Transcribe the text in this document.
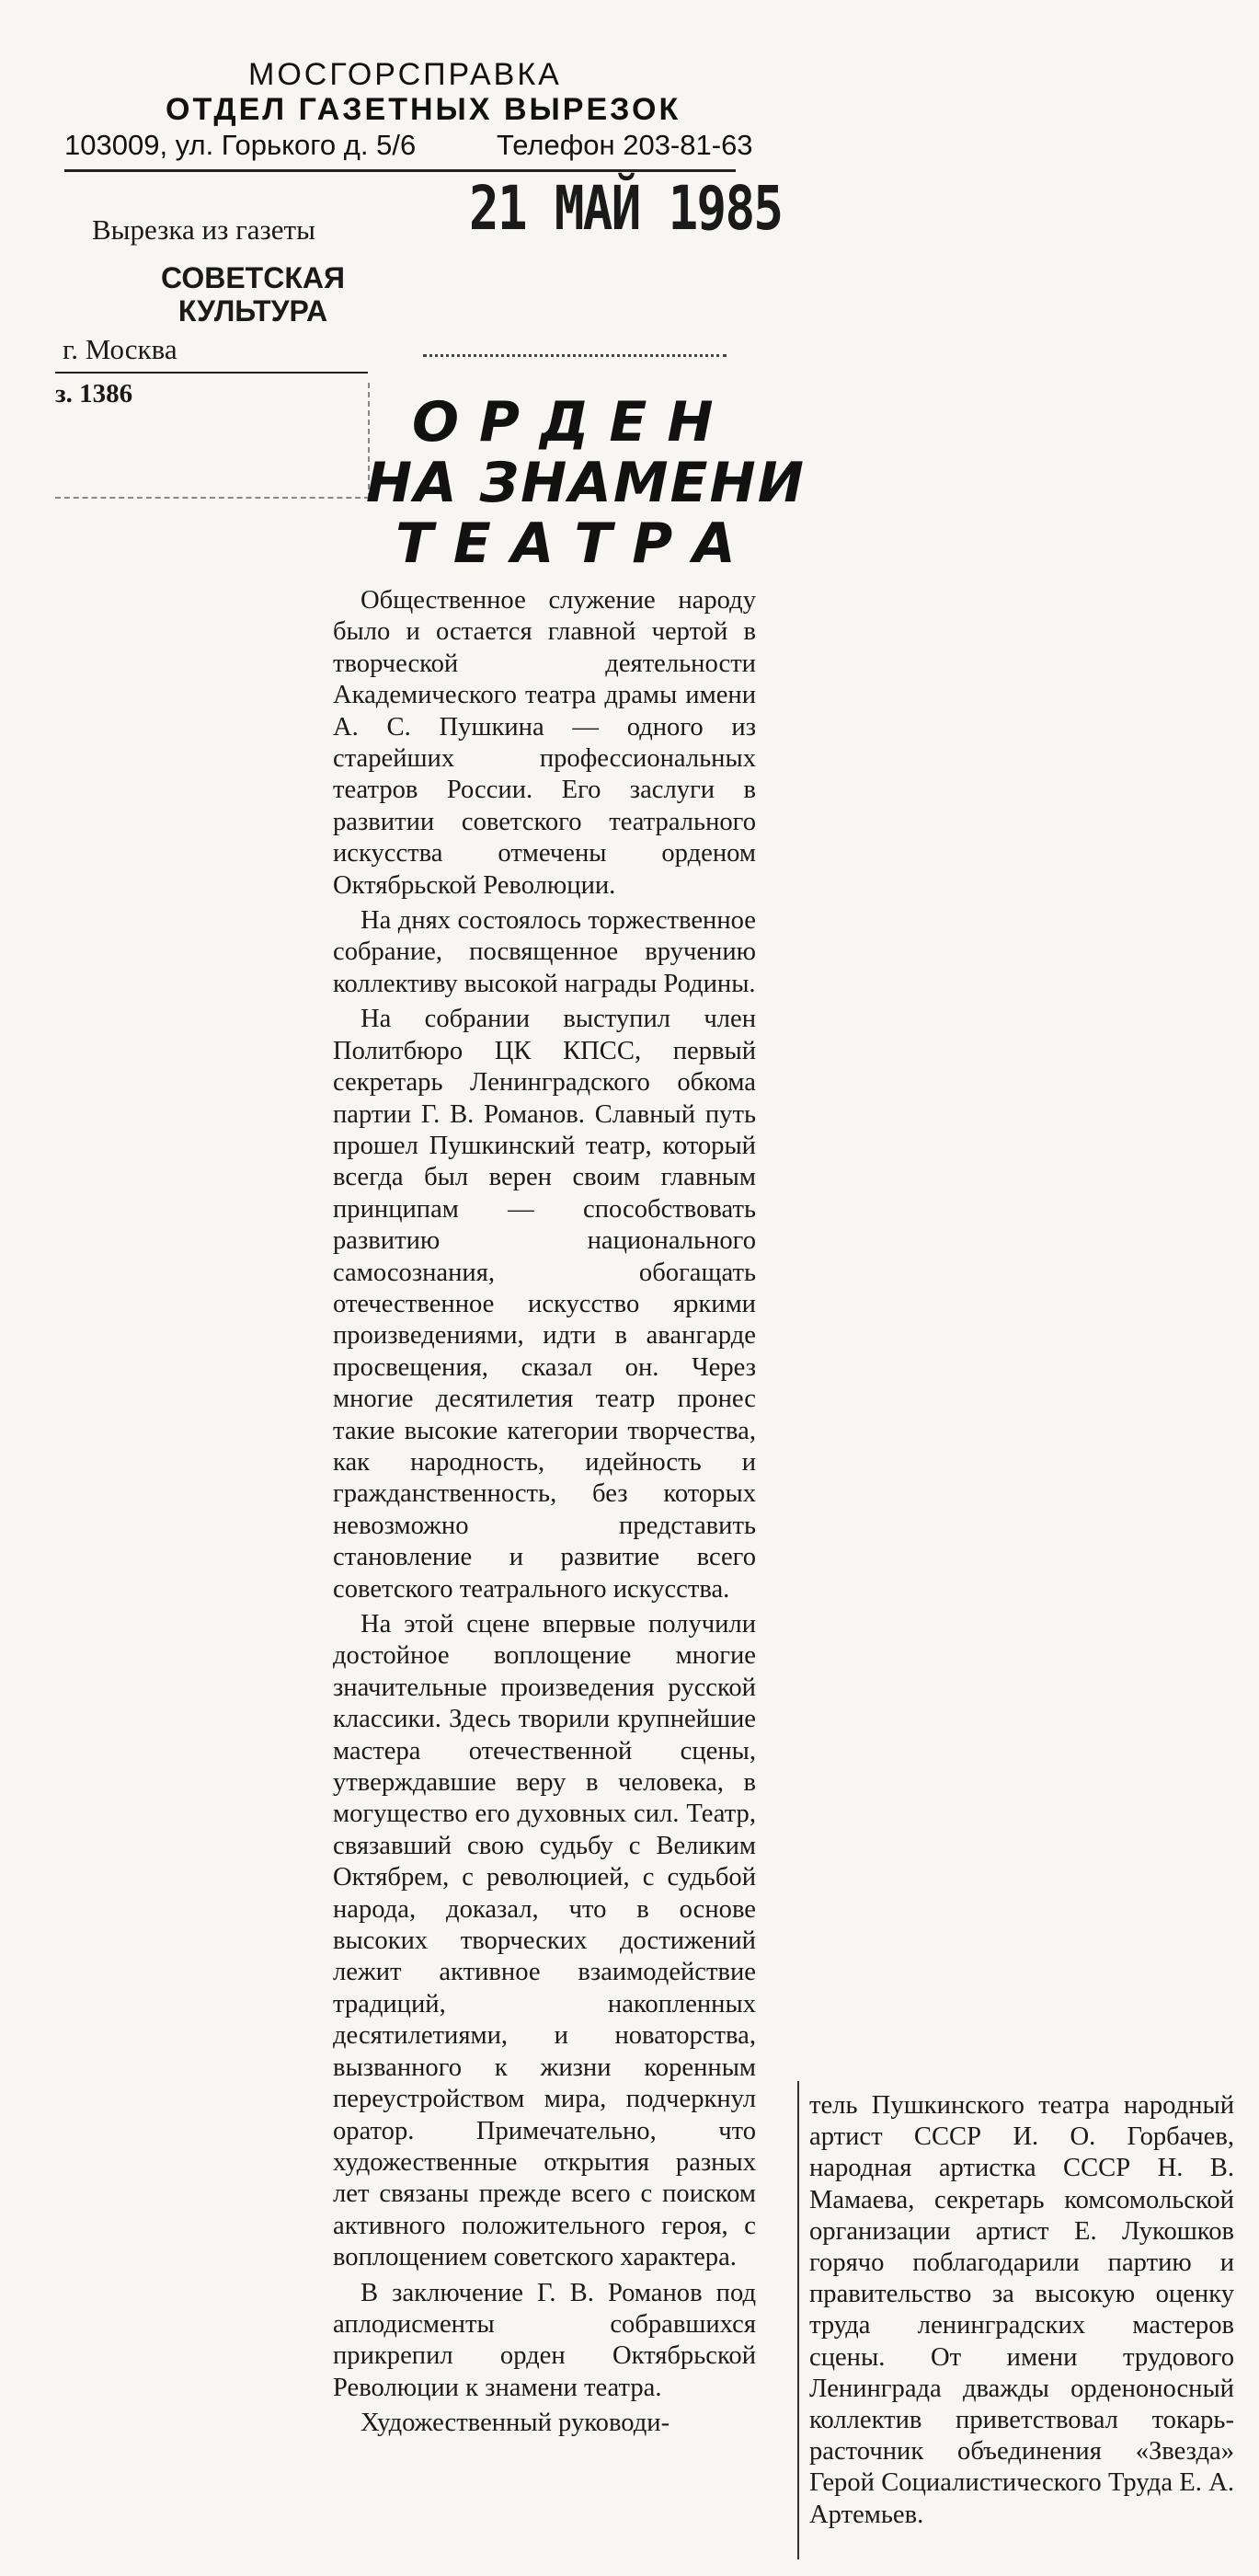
МОСГОРСПРАВКА
ОТДЕЛ ГАЗЕТНЫХ ВЫРЕЗОК
103009, ул. Горького д. 5/6	Телефон 203-81-63
21 МАЙ 1985
Вырезка из газеты
СОВЕТСКАЯ
КУЛЬТУРА
г. Москва
з. 1386	ОРДЕН
НА ЗНАМЕНИ
ТЕАТРА

Общественное служение народу было и остается главной чертой в творческой деятельности Академического театра драмы имени А. С. Пушкина — одного из старейших профессиональных театров России. Его заслуги в развитии советского театрального искусства отмечены орденом Октябрьской Революции.

На днях состоялось торжественное собрание, посвященное вручению коллективу высокой награды Родины.

На собрании выступил член Политбюро ЦК КПСС, первый секретарь Ленинградского обкома партии Г. В. Романов. Славный путь прошел Пушкинский театр, который всегда был верен своим главным принципам — способствовать развитию национального самосознания, обогащать отечественное искусство яркими произведениями, идти в авангарде просвещения, сказал он. Через многие десятилетия театр пронес такие высокие категории творчества, как народность, идейность и гражданственность, без которых невозможно представить становление и развитие всего советского театрального искусства.

На этой сцене впервые получили достойное воплощение многие значительные произведения русской классики. Здесь творили крупнейшие мастера отечественной сцены, утверждавшие веру в человека, в могущество его духовных сил. Театр, связавший свою судьбу с Великим Октябрем, с революцией, с судьбой народа, доказал, что в основе высоких творческих достижений лежит активное взаимодействие традиций, накопленных десятилетиями, и новаторства, вызванного к жизни коренным переустройством мира, подчеркнул оратор. Примечательно, что художественные открытия разных лет связаны прежде всего с поиском активного положительного героя, с воплощением советского характера.

В заключение Г. В. Романов под аплодисменты собравшихся прикрепил орден Октябрьской Революции к знамени театра.

Художественный руководи-

тель Пушкинского театра народный артист СССР И. О. Горбачев, народная артистка СССР Н. В. Мамаева, секретарь комсомольской организации артист Е. Лукошков горячо поблагодарили партию и правительство за высокую оценку труда ленинградских мастеров сцены. От имени трудового Ленинграда дважды орденоносный коллектив приветствовал токарь-расточник объединения «Звезда» Герой Социалистического Труда Е. А. Артемьев.
